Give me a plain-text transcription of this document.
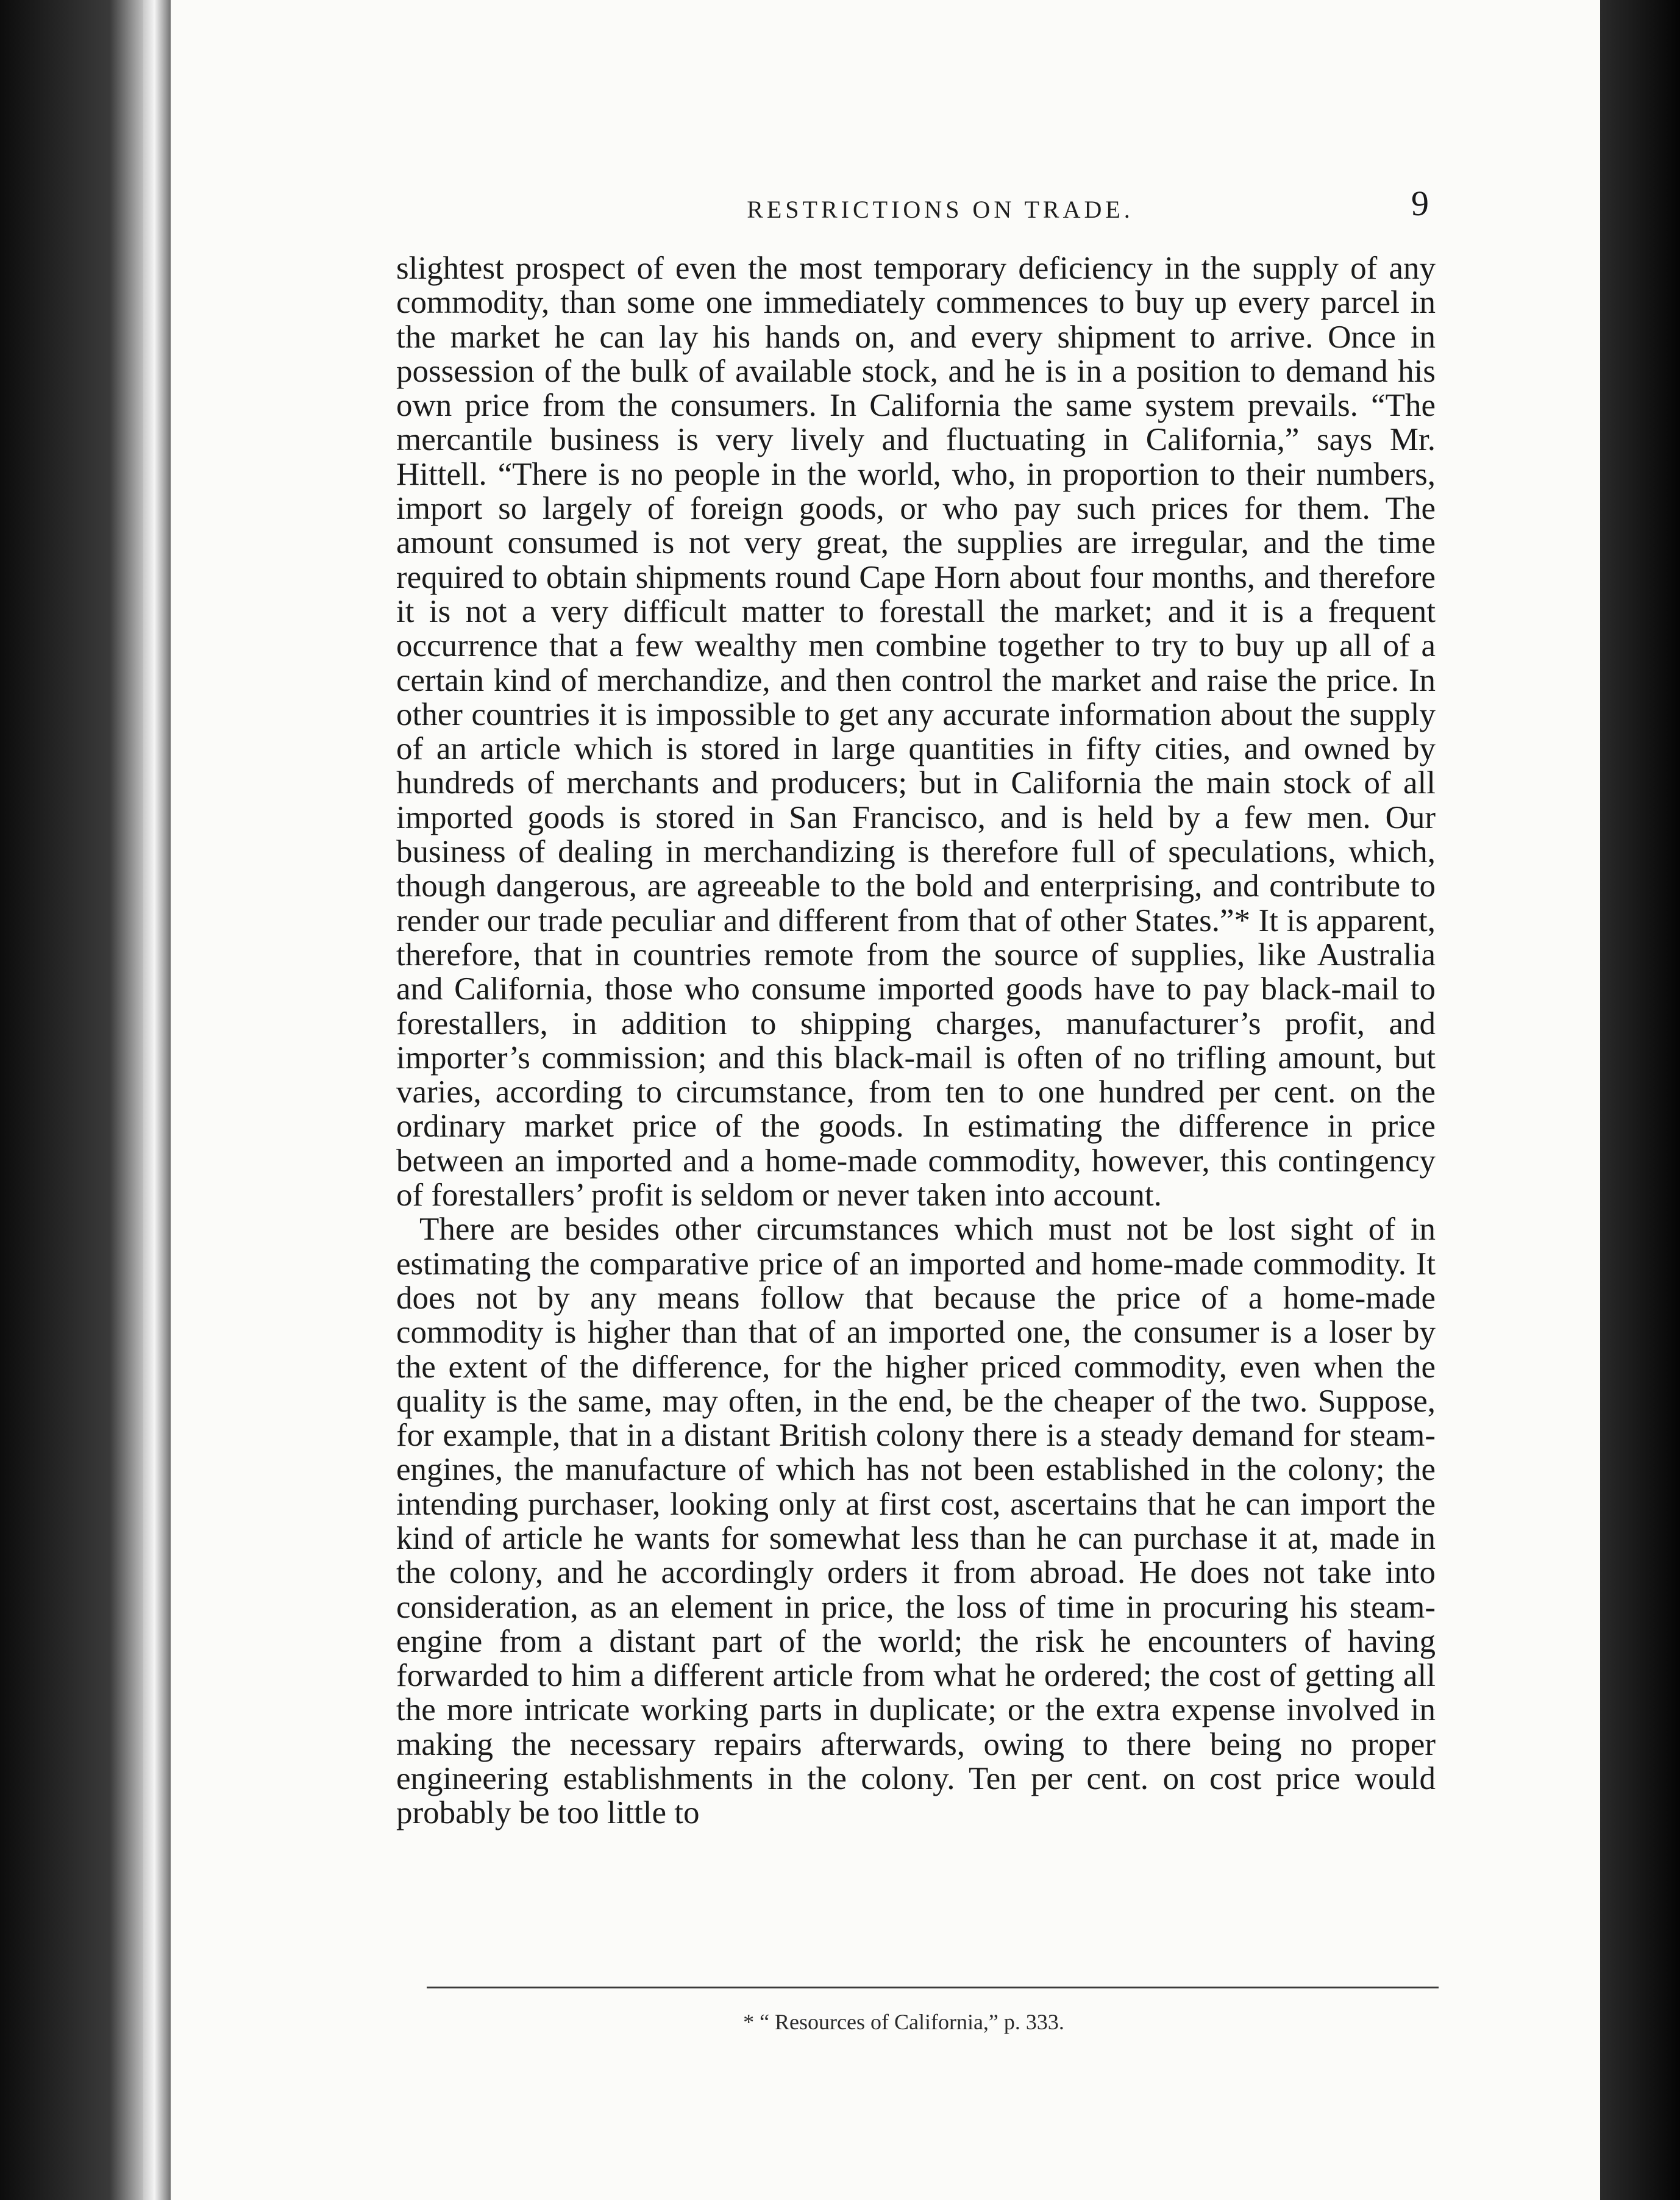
RESTRICTIONS ON TRADE.	9

slightest prospect of even the most temporary deficiency in the supply of any commodity, than some one immediately commences to buy up every parcel in the market he can lay his hands on, and every shipment to arrive. Once in possession of the bulk of available stock, and he is in a position to demand his own price from the consumers. In California the same system prevails. “The mercantile business is very lively and fluctuating in California,” says Mr. Hittell. “There is no people in the world, who, in proportion to their numbers, import so largely of foreign goods, or who pay such prices for them. The amount consumed is not very great, the supplies are irregular, and the time required to obtain shipments round Cape Horn about four months, and therefore it is not a very difficult matter to forestall the market; and it is a frequent occurrence that a few wealthy men combine together to try to buy up all of a certain kind of merchandize, and then control the market and raise the price. In other countries it is impossible to get any accurate information about the supply of an article which is stored in large quantities in fifty cities, and owned by hundreds of merchants and producers; but in California the main stock of all imported goods is stored in San Francisco, and is held by a few men. Our business of dealing in merchandizing is therefore full of speculations, which, though dangerous, are agreeable to the bold and enterprising, and contribute to render our trade peculiar and different from that of other States.”* It is apparent, therefore, that in countries remote from the source of supplies, like Australia and California, those who consume imported goods have to pay black-mail to forestallers, in addition to shipping charges, manufacturer’s profit, and importer’s commission; and this black-mail is often of no trifling amount, but varies, according to circumstance, from ten to one hundred per cent. on the ordinary market price of the goods. In estimating the difference in price between an imported and a home-made commodity, however, this contingency of forestallers’ profit is seldom or never taken into account.

There are besides other circumstances which must not be lost sight of in estimating the comparative price of an imported and home-made commodity. It does not by any means follow that because the price of a home-made commodity is higher than that of an imported one, the consumer is a loser by the extent of the difference, for the higher priced commodity, even when the quality is the same, may often, in the end, be the cheaper of the two. Suppose, for example, that in a distant British colony there is a steady demand for steam-engines, the manufacture of which has not been established in the colony; the intending purchaser, looking only at first cost, ascertains that he can import the kind of article he wants for somewhat less than he can purchase it at, made in the colony, and he accordingly orders it from abroad. He does not take into consideration, as an element in price, the loss of time in procuring his steam-engine from a distant part of the world; the risk he encounters of having forwarded to him a different article from what he ordered; the cost of getting all the more intricate working parts in duplicate; or the extra expense involved in making the necessary repairs afterwards, owing to there being no proper engineering establishments in the colony. Ten per cent. on cost price would probably be too little to

* “ Resources of California,” p. 333.
